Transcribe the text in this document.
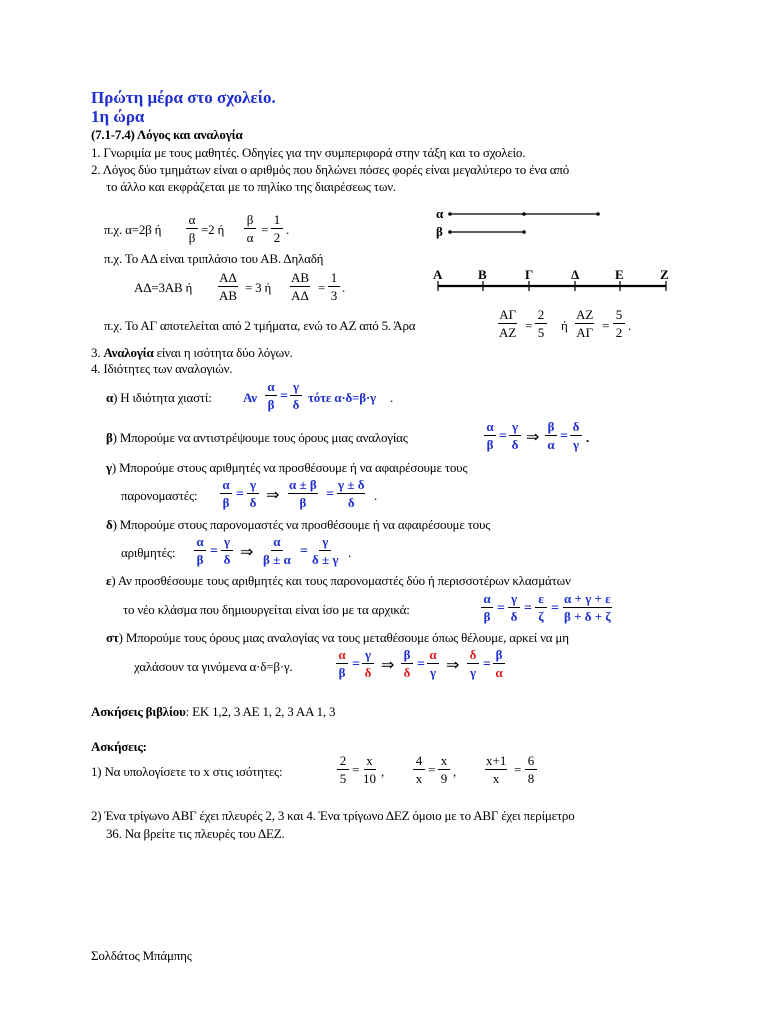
Πρώτη μέρα στο σχολείο.
1η ώρα
(7.1-7.4) Λόγος και αναλογία
1. Γνωριμία με τους μαθητές. Οδηγίες για την συμπεριφορά στην τάξη και το σχολείο.
2. Λόγος δύο τμημάτων είναι ο αριθμός που δηλώνει πόσες φορές είναι μεγαλύτερο το ένα από
το άλλο και εκφράζεται με το πηλίκο της διαιρέσεως των.
π.χ. α=2β ή $\frac{\alpha}{\beta} =2$ ή $\frac{\beta}{\alpha} = \frac{1}{2}$ .
α
β
π.χ. Το ΑΔ είναι τριπλάσιο του ΑΒ. Δηλαδή
ΑΔ=3ΑΒ ή $\frac{A\Delta}{AB} = 3$ ή $\frac{AB}{A\Delta} = \frac{1}{3}$ .
Α	Β	Γ	Δ	Ε	Ζ
π.χ. Το ΑΓ αποτελείται από 2 τμήματα, ενώ το ΑΖ από 5. Άρα	$\frac{A\Gamma}{AZ} = \frac{2}{5}$ ή $\frac{AZ}{A\Gamma} = \frac{5}{2}$ .
3. Αναλογία είναι η ισότητα δύο λόγων.
4. Ιδιότητες των αναλογιών.
α) Η ιδιότητα χιαστί: Αν $\frac{\alpha}{\beta} = \frac{\gamma}{\delta}$ τότε α·δ=β·γ .
β) Μπορούμε να αντιστρέψουμε τους όρους μιας αναλογίας	$\frac{\alpha}{\beta} = \frac{\gamma}{\delta}$ ⇒ $\frac{\beta}{\alpha} = \frac{\delta}{\gamma}$ .
γ) Μπορούμε στους αριθμητές να προσθέσουμε ή να αφαιρέσουμε τους
παρονομαστές: $\frac{\alpha}{\beta} = \frac{\gamma}{\delta}$ ⇒ $\frac{\alpha \pm \beta}{\beta} = \frac{\gamma \pm \delta}{\delta}$ .
δ) Μπορούμε στους παρονομαστές να προσθέσουμε ή να αφαιρέσουμε τους
αριθμητές: $\frac{\alpha}{\beta} = \frac{\gamma}{\delta}$ ⇒ $\frac{\alpha}{\beta \pm \alpha} = \frac{\gamma}{\delta \pm \gamma}$ .
ε) Αν προσθέσουμε τους αριθμητές και τους παρονομαστές δύο ή περισσοτέρων κλασμάτων
το νέο κλάσμα που δημιουργείται είναι ίσο με τα αρχικά:	$\frac{\alpha}{\beta} = \frac{\gamma}{\delta} = \frac{\varepsilon}{\zeta} = \frac{\alpha + \gamma + \varepsilon}{\beta + \delta + \zeta}$
στ) Μπορούμε τους όρους μιας αναλογίας να τους μεταθέσουμε όπως θέλουμε, αρκεί να μη
χαλάσουν τα γινόμενα α·δ=β·γ.	$\frac{\alpha}{\beta} = \frac{\gamma}{\delta}$ ⇒ $\frac{\beta}{\delta} = \frac{\alpha}{\gamma}$ ⇒ $\frac{\delta}{\gamma} = \frac{\beta}{\alpha}$
Ασκήσεις βιβλίου: ΕΚ 1,2, 3 ΑΕ 1, 2, 3 ΑΑ 1, 3
Ασκήσεις:
1) Να υπολογίσετε το x στις ισότητες:	$\frac{2}{5} = \frac{x}{10}$ , $\frac{4}{x} = \frac{x}{9}$ , $\frac{x+1}{x} = \frac{6}{8}$
2) Ένα τρίγωνο ΑΒΓ έχει πλευρές 2, 3 και 4. Ένα τρίγωνο ΔΕΖ όμοιο με το ΑΒΓ έχει περίμετρο
36. Να βρείτε τις πλευρές του ΔΕΖ.
Σολδάτος Μπάμπης
